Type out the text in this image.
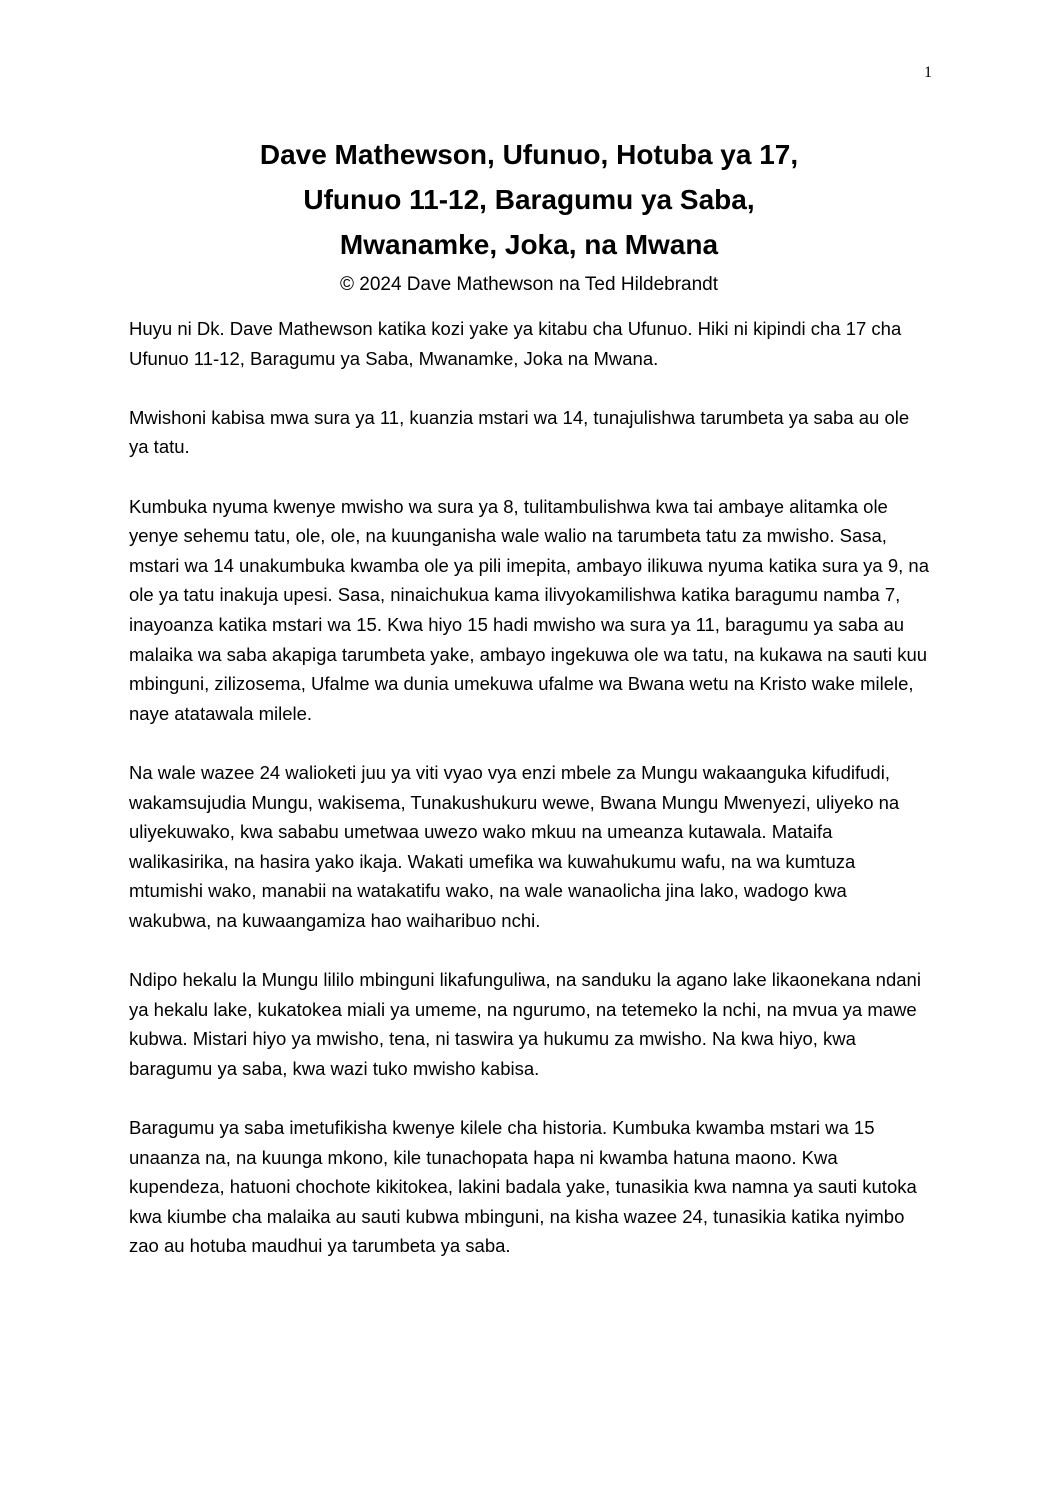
1
Dave Mathewson, Ufunuo, Hotuba ya 17,
Ufunuo 11-12, Baragumu ya Saba,
Mwanamke, Joka, na Mwana
© 2024 Dave Mathewson na Ted Hildebrandt

Huyu ni Dk. Dave Mathewson katika kozi yake ya kitabu cha Ufunuo. Hiki ni kipindi cha 17 cha Ufunuo 11-12, Baragumu ya Saba, Mwanamke, Joka na Mwana.

Mwishoni kabisa mwa sura ya 11, kuanzia mstari wa 14, tunajulishwa tarumbeta ya saba au ole ya tatu.

Kumbuka nyuma kwenye mwisho wa sura ya 8, tulitambulishwa kwa tai ambaye alitamka ole yenye sehemu tatu, ole, ole, na kuunganisha wale walio na tarumbeta tatu za mwisho. Sasa, mstari wa 14 unakumbuka kwamba ole ya pili imepita, ambayo ilikuwa nyuma katika sura ya 9, na ole ya tatu inakuja upesi. Sasa, ninaichukua kama ilivyokamilishwa katika baragumu namba 7, inayoanza katika mstari wa 15. Kwa hiyo 15 hadi mwisho wa sura ya 11, baragumu ya saba au malaika wa saba akapiga tarumbeta yake, ambayo ingekuwa ole wa tatu, na kukawa na sauti kuu mbinguni, zilizosema, Ufalme wa dunia umekuwa ufalme wa Bwana wetu na Kristo wake milele, naye atatawala milele.

Na wale wazee 24 walioketi juu ya viti vyao vya enzi mbele za Mungu wakaanguka kifudifudi, wakamsujudia Mungu, wakisema, Tunakushukuru wewe, Bwana Mungu Mwenyezi, uliyeko na uliyekuwako, kwa sababu umetwaa uwezo wako mkuu na umeanza kutawala. Mataifa walikasirika, na hasira yako ikaja. Wakati umefika wa kuwahukumu wafu, na wa kumtuza mtumishi wako, manabii na watakatifu wako, na wale wanaolicha jina lako, wadogo kwa wakubwa, na kuwaangamiza hao waiharibuo nchi.

Ndipo hekalu la Mungu lililo mbinguni likafunguliwa, na sanduku la agano lake likaonekana ndani ya hekalu lake, kukatokea miali ya umeme, na ngurumo, na tetemeko la nchi, na mvua ya mawe kubwa. Mistari hiyo ya mwisho, tena, ni taswira ya hukumu za mwisho. Na kwa hiyo, kwa baragumu ya saba, kwa wazi tuko mwisho kabisa.

Baragumu ya saba imetufikisha kwenye kilele cha historia. Kumbuka kwamba mstari wa 15 unaanza na, na kuunga mkono, kile tunachopata hapa ni kwamba hatuna maono. Kwa kupendeza, hatuoni chochote kikitokea, lakini badala yake, tunasikia kwa namna ya sauti kutoka kwa kiumbe cha malaika au sauti kubwa mbinguni, na kisha wazee 24, tunasikia katika nyimbo zao au hotuba maudhui ya tarumbeta ya saba.
